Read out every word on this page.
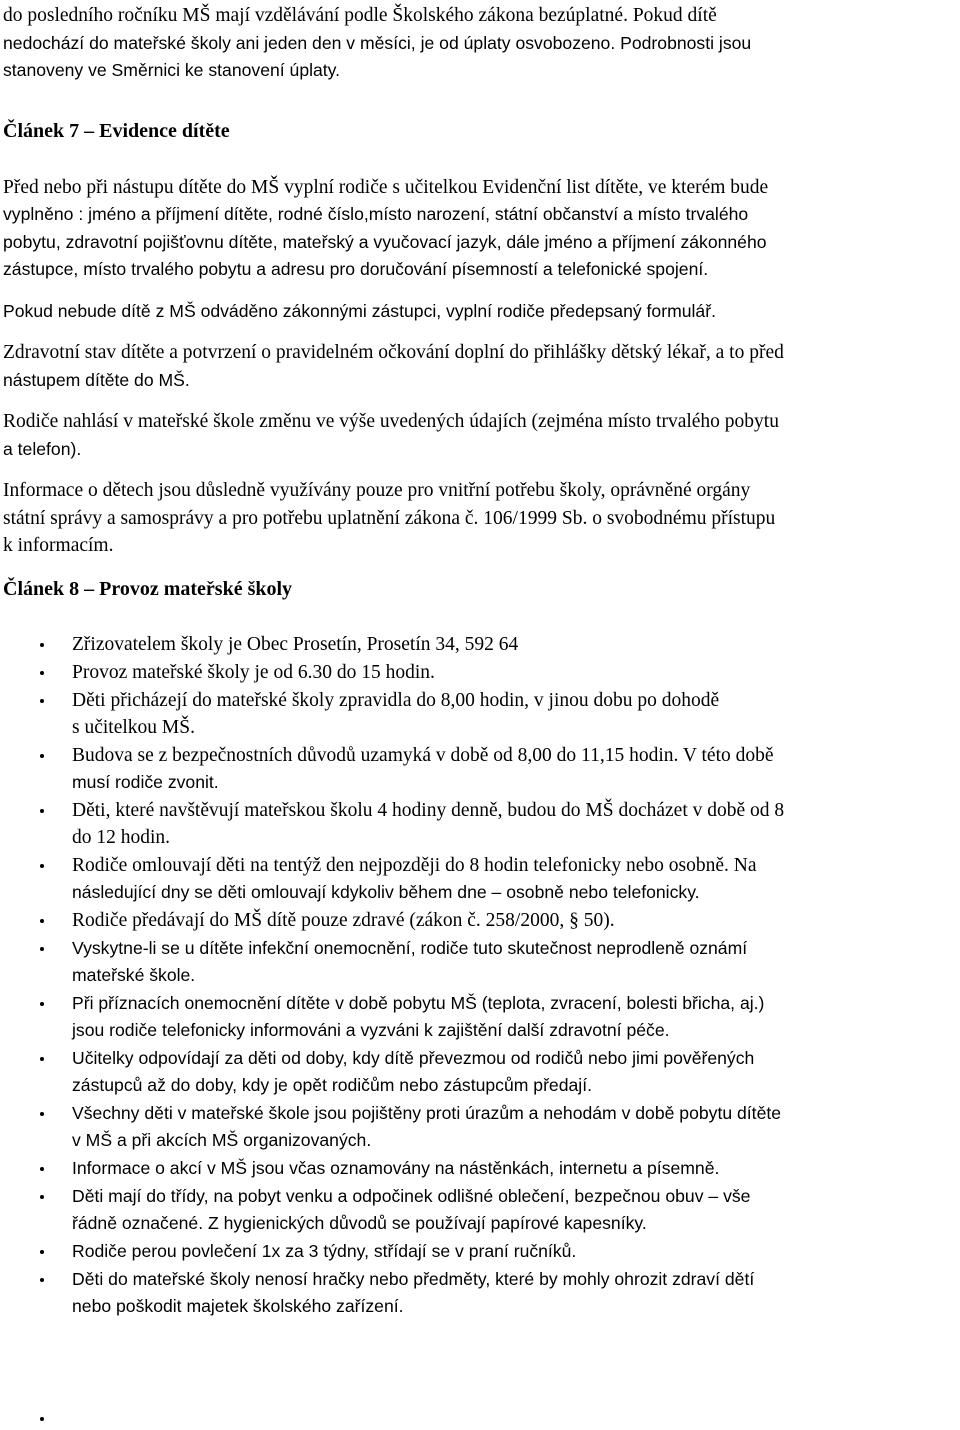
do posledního ročníku MŠ mají vzdělávání podle Školského zákona bezúplatné. Pokud dítě
nedochází do mateřské školy ani jeden den v měsíci, je od úplaty osvobozeno. Podrobnosti jsou
stanoveny ve Směrnici ke stanovení úplaty.

Článek 7 – Evidence dítěte

Před nebo při nástupu dítěte do MŠ vyplní rodiče s učitelkou Evidenční list dítěte, ve kterém bude
vyplněno : jméno a příjmení dítěte, rodné číslo,místo narození, státní občanství a místo trvalého
pobytu, zdravotní pojišťovnu dítěte, mateřský a vyučovací jazyk, dále jméno a příjmení zákonného
zástupce, místo trvalého pobytu a adresu pro doručování písemností a telefonické spojení.

Pokud nebude dítě z MŠ odváděno zákonnými zástupci, vyplní rodiče předepsaný formulář.

Zdravotní stav dítěte a potvrzení o pravidelném očkování doplní do přihlášky dětský lékař, a to před
nástupem dítěte do MŠ.

Rodiče nahlásí v mateřské škole změnu ve výše uvedených údajích (zejména místo trvalého pobytu
a telefon).

Informace o dětech jsou důsledně využívány pouze pro vnitřní potřebu školy, oprávněné orgány
státní správy a samosprávy a pro potřebu uplatnění zákona č. 106/1999 Sb. o svobodnému přístupu
k informacím.

Článek 8 – Provoz mateřské školy
Zřizovatelem školy je Obec Prosetín, Prosetín 34, 592 64
Provoz mateřské školy je od 6.30 do 15 hodin.
Děti přicházejí do mateřské školy zpravidla do 8,00 hodin, v jinou dobu po dohodě
s učitelkou MŠ.
Budova se z bezpečnostních důvodů uzamyká v době od 8,00 do 11,15 hodin. V této době
musí rodiče zvonit.
Děti, které navštěvují mateřskou školu 4 hodiny denně, budou do MŠ docházet v době od 8
do 12 hodin.
Rodiče omlouvají děti na tentýž den nejpozději do 8 hodin telefonicky nebo osobně. Na
následující dny se děti omlouvají kdykoliv během dne – osobně nebo telefonicky.
Rodiče předávají do MŠ dítě pouze zdravé (zákon č. 258/2000, § 50).
Vyskytne-li se u dítěte infekční onemocnění, rodiče tuto skutečnost neprodleně oznámí
mateřské škole.
Při příznacích onemocnění dítěte v době pobytu MŠ (teplota, zvracení, bolesti břicha, aj.)
jsou rodiče telefonicky informováni a vyzváni k zajištění další zdravotní péče.
Učitelky odpovídají za děti od doby, kdy dítě převezmou od rodičů nebo jimi pověřených
zástupců až do doby, kdy je opět rodičům nebo zástupcům předají.
Všechny děti v mateřské škole jsou pojištěny proti úrazům a nehodám v době pobytu dítěte
v MŠ a při akcích MŠ organizovaných.
Informace o akcí v MŠ jsou včas oznamovány na nástěnkách, internetu a písemně.
Děti mají do třídy, na pobyt venku a odpočinek odlišné oblečení, bezpečnou obuv – vše
řádně označené. Z hygienických důvodů se používají papírové kapesníky.
Rodiče perou povlečení 1x za 3 týdny, střídají se v praní ručníků.
Děti do mateřské školy nenosí hračky nebo předměty, které by mohly ohrozit zdraví dětí
nebo poškodit majetek školského zařízení.
